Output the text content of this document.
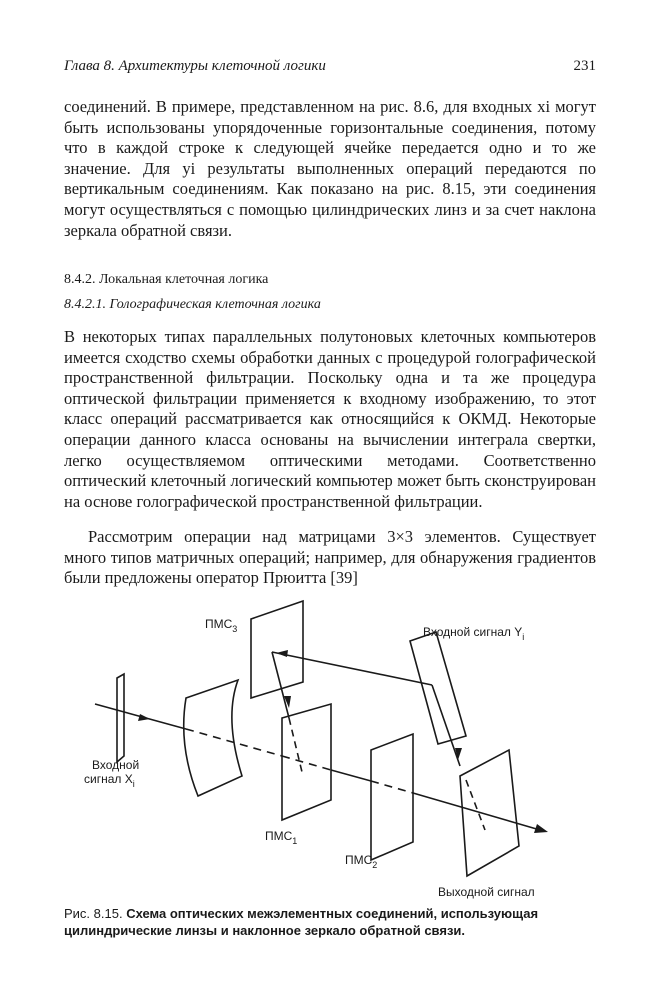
Глава 8. Архитектуры клеточной логики	231
соединений. В примере, представленном на рис. 8.6, для входных xi могут быть использованы упорядоченные горизонтальные соединения, потому что в каждой строке к следующей ячейке передается одно и то же значение. Для yi результаты выполненных операций передаются по вертикальным соединениям. Как показано на рис. 8.15, эти соединения могут осуществляться с помощью цилиндрических линз и за счет наклона зеркала обратной связи.
8.4.2. Локальная клеточная логика
8.4.2.1. Голографическая клеточная логика
В некоторых типах параллельных полутоновых клеточных компьютеров имеется сходство схемы обработки данных с процедурой голографической пространственной фильтрации. Поскольку одна и та же процедура оптической фильтрации применяется к входному изображению, то этот класс операций рассматривается как относящийся к ОКМД. Некоторые операции данного класса основаны на вычислении интеграла свертки, легко осуществляемом оптическими методами. Соответственно оптический клеточный логический компьютер может быть сконструирован на основе голографической пространственной фильтрации.
Рассмотрим операции над матрицами 3×3 элементов. Существует много типов матричных операций; например, для обнаружения градиентов были предложены оператор Прюитта [39]
$ПМС_3$	Входной сигнал $Y_i$
Входной
сигнал $X_i$
$ПМС_1$
$ПМС_2$
Выходной сигнал
Рис. 8.15. Схема оптических межэлементных соединений, использующая цилиндрические линзы и наклонное зеркало обратной связи.
